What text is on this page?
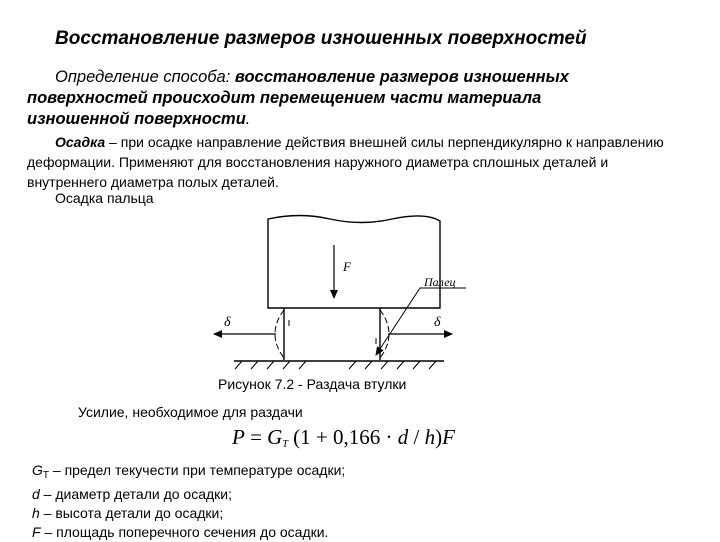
Восстановление размеров изношенных поверхностей
Определение способа: восстановление размеров изношенных
поверхностей происходит перемещением части материала
изношенной поверхности.
Осадка – при осадке направление действия внешней силы перпендикулярно к направлению деформации. Применяют для восстановления наружного диаметра сплошных деталей и внутреннего диаметра полых деталей.
Осадка пальца
F
Палец
δ	δ
Рисунок 7.2 - Раздача втулки
Усилие, необходимое для раздачи
$P = G_T$ (1 + 0,166 · d / h)F
$G_T$ – предел текучести при температуре осадки;
d – диаметр детали до осадки;
h – высота детали до осадки;
F – площадь поперечного сечения до осадки.
